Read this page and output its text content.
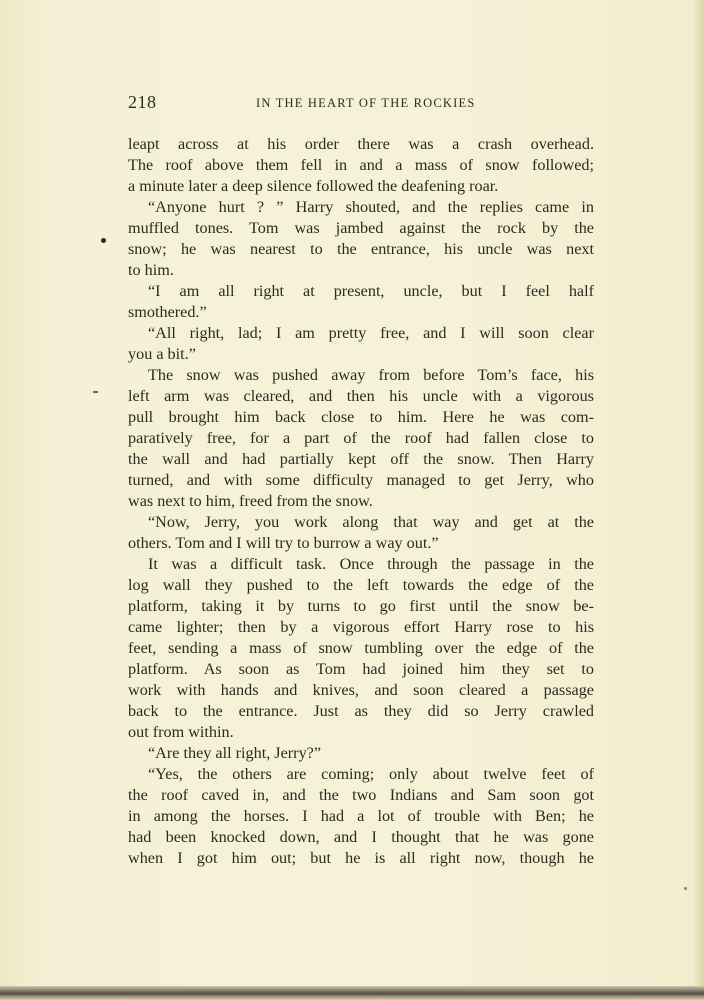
218	IN THE HEART OF THE ROCKIES
leapt across at his order there was a crash overhead.
The roof above them fell in and a mass of snow followed;
a minute later a deep silence followed the deafening roar.
“Anyone hurt ? ” Harry shouted, and the replies came in
muffled tones. Tom was jambed against the rock by the
snow; he was nearest to the entrance, his uncle was next
to him.
“I am all right at present, uncle, but I feel half
smothered.”
“All right, lad; I am pretty free, and I will soon clear
you a bit.”
The snow was pushed away from before Tom’s face, his
left arm was cleared, and then his uncle with a vigorous
pull brought him back close to him. Here he was com-
paratively free, for a part of the roof had fallen close to
the wall and had partially kept off the snow. Then Harry
turned, and with some difficulty managed to get Jerry, who
was next to him, freed from the snow.
“Now, Jerry, you work along that way and get at the
others. Tom and I will try to burrow a way out.”
It was a difficult task. Once through the passage in the
log wall they pushed to the left towards the edge of the
platform, taking it by turns to go first until the snow be-
came lighter; then by a vigorous effort Harry rose to his
feet, sending a mass of snow tumbling over the edge of the
platform. As soon as Tom had joined him they set to
work with hands and knives, and soon cleared a passage
back to the entrance. Just as they did so Jerry crawled
out from within.
“Are they all right, Jerry?”
“Yes, the others are coming; only about twelve feet of
the roof caved in, and the two Indians and Sam soon got
in among the horses. I had a lot of trouble with Ben; he
had been knocked down, and I thought that he was gone
when I got him out; but he is all right now, though he
